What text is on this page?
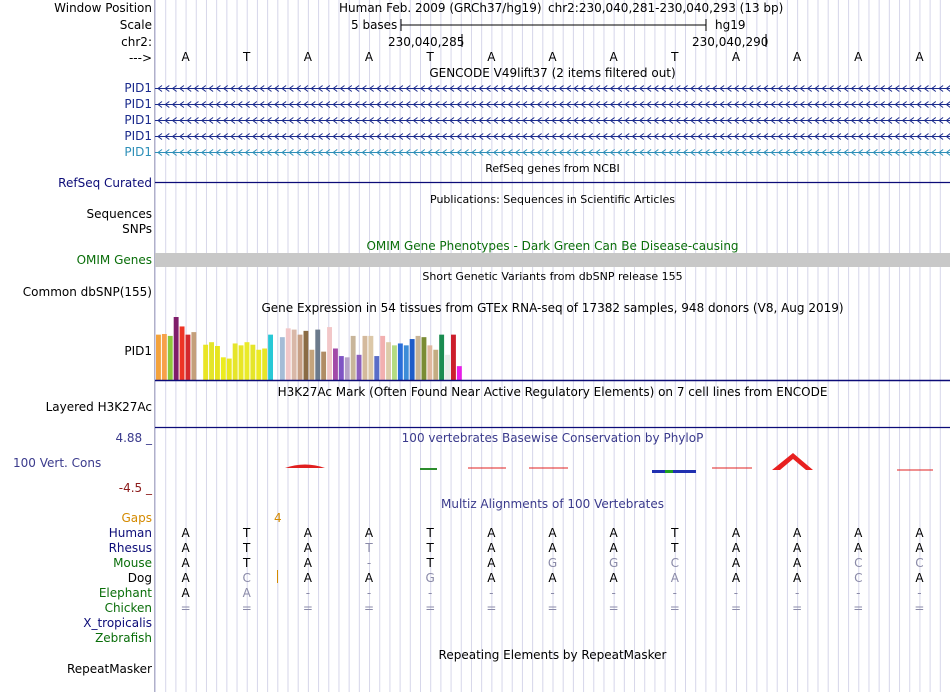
Window Position
Scale
chr2:
--->
Human Feb. 2009 (GRCh37/hg19) chr2:230,040,281-230,040,293 (13 bp)
5 bases	hg19
230,040,285	230,040,290
A	T	A	A	T	A	A	A	T	A	A	A	A
GENCODE V49lift37 (2 items filtered out)
PID1
PID1
PID1
PID1
PID1
RefSeq genes from NCBI
RefSeq Curated
Publications: Sequences in Scientific Articles
Sequences
SNPs
OMIM Gene Phenotypes - Dark Green Can Be Disease-causing
OMIM Genes
Short Genetic Variants from dbSNP release 155
Common dbSNP(155)
Gene Expression in 54 tissues from GTEx RNA-seq of 17382 samples, 948 donors (V8, Aug 2019)
PID1
H3K27Ac Mark (Often Found Near Active Regulatory Elements) on 7 cell lines from ENCODE
Layered H3K27Ac
100 vertebrates Basewise Conservation by PhyloP
4.88 _
100 Vert. Cons
-4.5 _
Multiz Alignments of 100 Vertebrates
Gaps	4
Human A	T	A	A	T	A	A	A	T	A	A	A	A
Rhesus A	T	A	T	T	A	A	A	T	A	A	A	A
Mouse A	T	A	-	T	A	G	G	C	A	A	C	C
Dog A	C	A	A	G	A	A	A	A	A	A	C	A
Elephant A	A	-	-	-	-	-	-	-	-	-	-	-
Chicken =	=	=	=	=	=	=	=	=	=	=	=	=
X_tropicalis
Zebrafish
Repeating Elements by RepeatMasker
RepeatMasker
